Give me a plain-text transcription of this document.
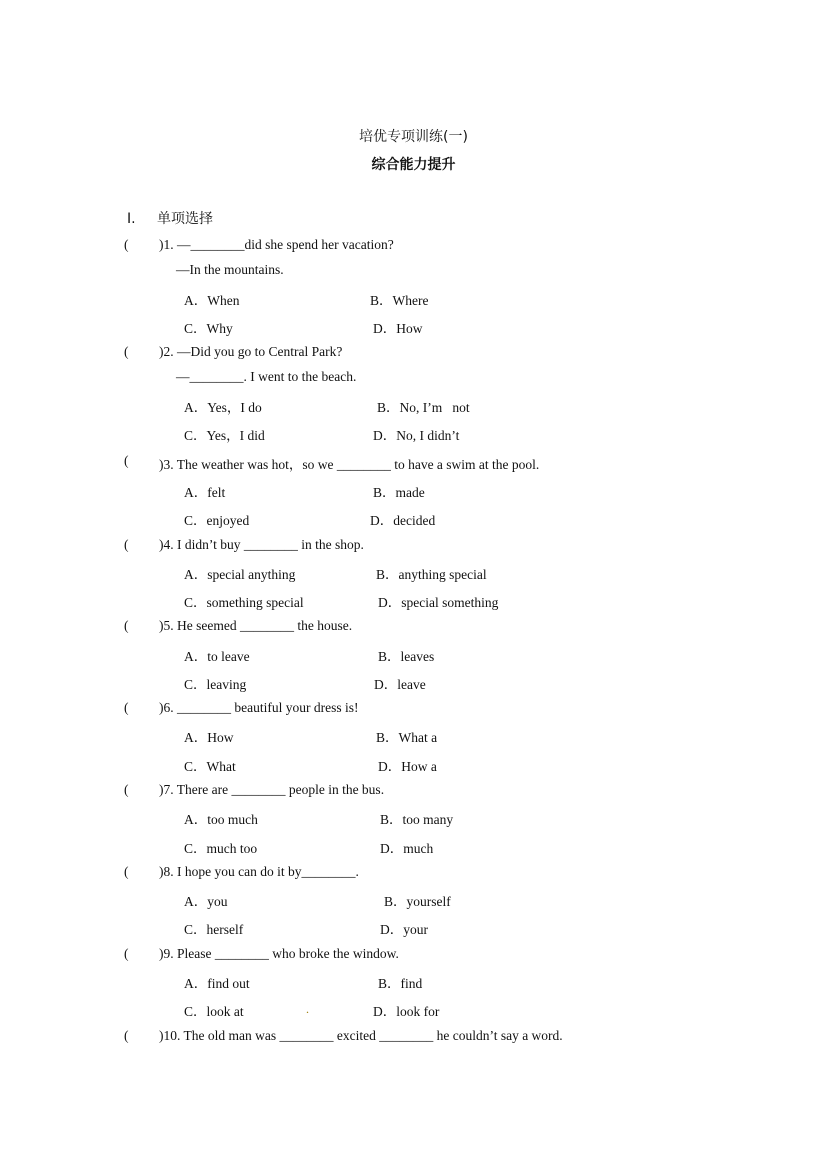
培优专项训练(一)
综合能力提升
Ⅰ. 单项选择
( )1. —________did she spend her vacation?
—In the mountains.
A．When	B．Where
C．Why	D．How
( )2. —Did you go to Central Park?
—________. I went to the beach.
A．Yes，I do	B．No, I’m   not
C．Yes，I did	D．No, I didn’t
( )3. The weather was hot，so we ________ to have a swim at the pool.
A．felt	B．made
C．enjoyed	D．decided
( )4. I didn’t buy ________ in the shop.
A．special anything	B．anything special
C．something special	D．special something
( )5. He seemed ________ the house.
A．to leave	B．leaves
C．leaving	D．leave
( )6. ________ beautiful your dress is!
A．How	B．What a
C．What	D．How a
( )7. There are ________ people in the bus.
A．too much	B．too many
C．much too	D．much
( )8. I hope you can do it by________.
A．you	B．yourself
C．herself	D．your
( )9. Please ________ who broke the window.
A．find out	B．find
C．look at	.	D．look for
( )10. The old man was ________ excited ________ he couldn’t say a word.
